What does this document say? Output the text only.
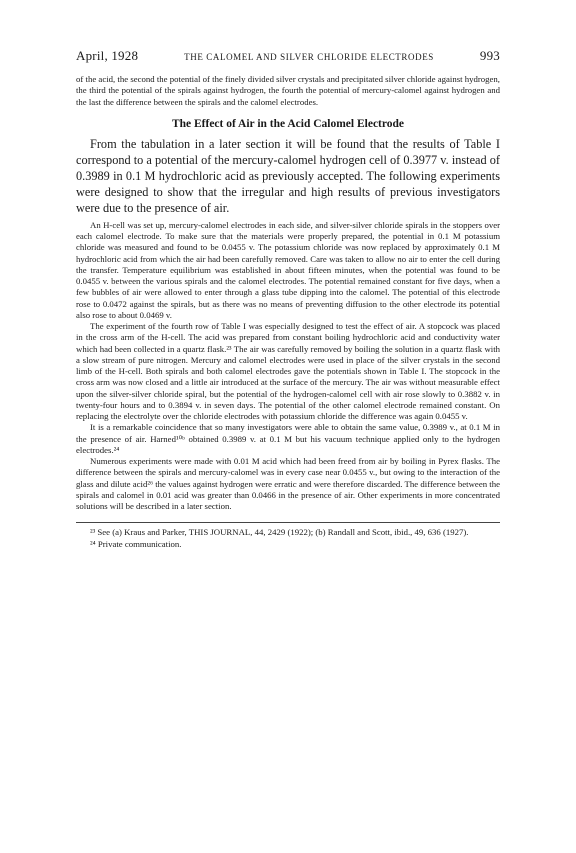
April, 1928	THE CALOMEL AND SILVER CHLORIDE ELECTRODES	993

of the acid, the second the potential of the finely divided silver crystals and precipitated silver chloride against hydrogen, the third the potential of the spirals against hydrogen, the fourth the potential of mercury-calomel against hydrogen and the last the difference between the spirals and the calomel electrodes.

The Effect of Air in the Acid Calomel Electrode

From the tabulation in a later section it will be found that the results of Table I correspond to a potential of the mercury-calomel hydrogen cell of 0.3977 v. instead of 0.3989 in 0.1 M hydrochloric acid as previously accepted. The following experiments were designed to show that the irregular and high results of previous investigators were due to the presence of air.

An H-cell was set up, mercury-calomel electrodes in each side, and silver-silver chloride spirals in the stoppers over each calomel electrode. To make sure that the materials were properly prepared, the potential in 0.1 M potassium chloride was measured and found to be 0.0455 v. The potassium chloride was now replaced by approximately 0.1 M hydrochloric acid from which the air had been carefully removed. Care was taken to allow no air to enter the cell during the transfer. Temperature equilibrium was established in about fifteen minutes, when the potential was found to be 0.0455 v. between the various spirals and the calomel electrodes. The potential remained constant for five days, when a few bubbles of air were allowed to enter through a glass tube dipping into the calomel. The potential of this electrode rose to 0.0472 against the spirals, but as there was no means of preventing diffusion to the other electrode its potential also rose to about 0.0469 v.

The experiment of the fourth row of Table I was especially designed to test the effect of air. A stopcock was placed in the cross arm of the H-cell. The acid was prepared from constant boiling hydrochloric acid and conductivity water which had been collected in a quartz flask.²³ The air was carefully removed by boiling the solution in a quartz flask with a slow stream of pure nitrogen. Mercury and calomel electrodes were used in place of the silver crystals in the second limb of the H-cell. Both spirals and both calomel electrodes gave the potentials shown in Table I. The stopcock in the cross arm was now closed and a little air introduced at the surface of the mercury. The air was without measurable effect upon the silver-silver chloride spiral, but the potential of the hydrogen-calomel cell with air rose slowly to 0.3882 v. in twenty-four hours and to 0.3894 v. in seven days. The potential of the other calomel electrode remained constant. On replacing the electrolyte over the chloride electrodes with potassium chloride the difference was again 0.0455 v.

It is a remarkable coincidence that so many investigators were able to obtain the same value, 0.3989 v., at 0.1 M in the presence of air. Harned¹⁰ᵇ obtained 0.3989 v. at 0.1 M but his vacuum technique applied only to the hydrogen electrodes.²⁴

Numerous experiments were made with 0.01 M acid which had been freed from air by boiling in Pyrex flasks. The difference between the spirals and mercury-calomel was in every case near 0.0455 v., but owing to the interaction of the glass and dilute acid²⁶ the values against hydrogen were erratic and were therefore discarded. The difference between the spirals and calomel in 0.01 acid was greater than 0.0466 in the presence of air. Other experiments in more concentrated solutions will be described in a later section.

²³ See (a) Kraus and Parker, THIS JOURNAL, 44, 2429 (1922); (b) Randall and Scott, ibid., 49, 636 (1927).

²⁴ Private communication.
